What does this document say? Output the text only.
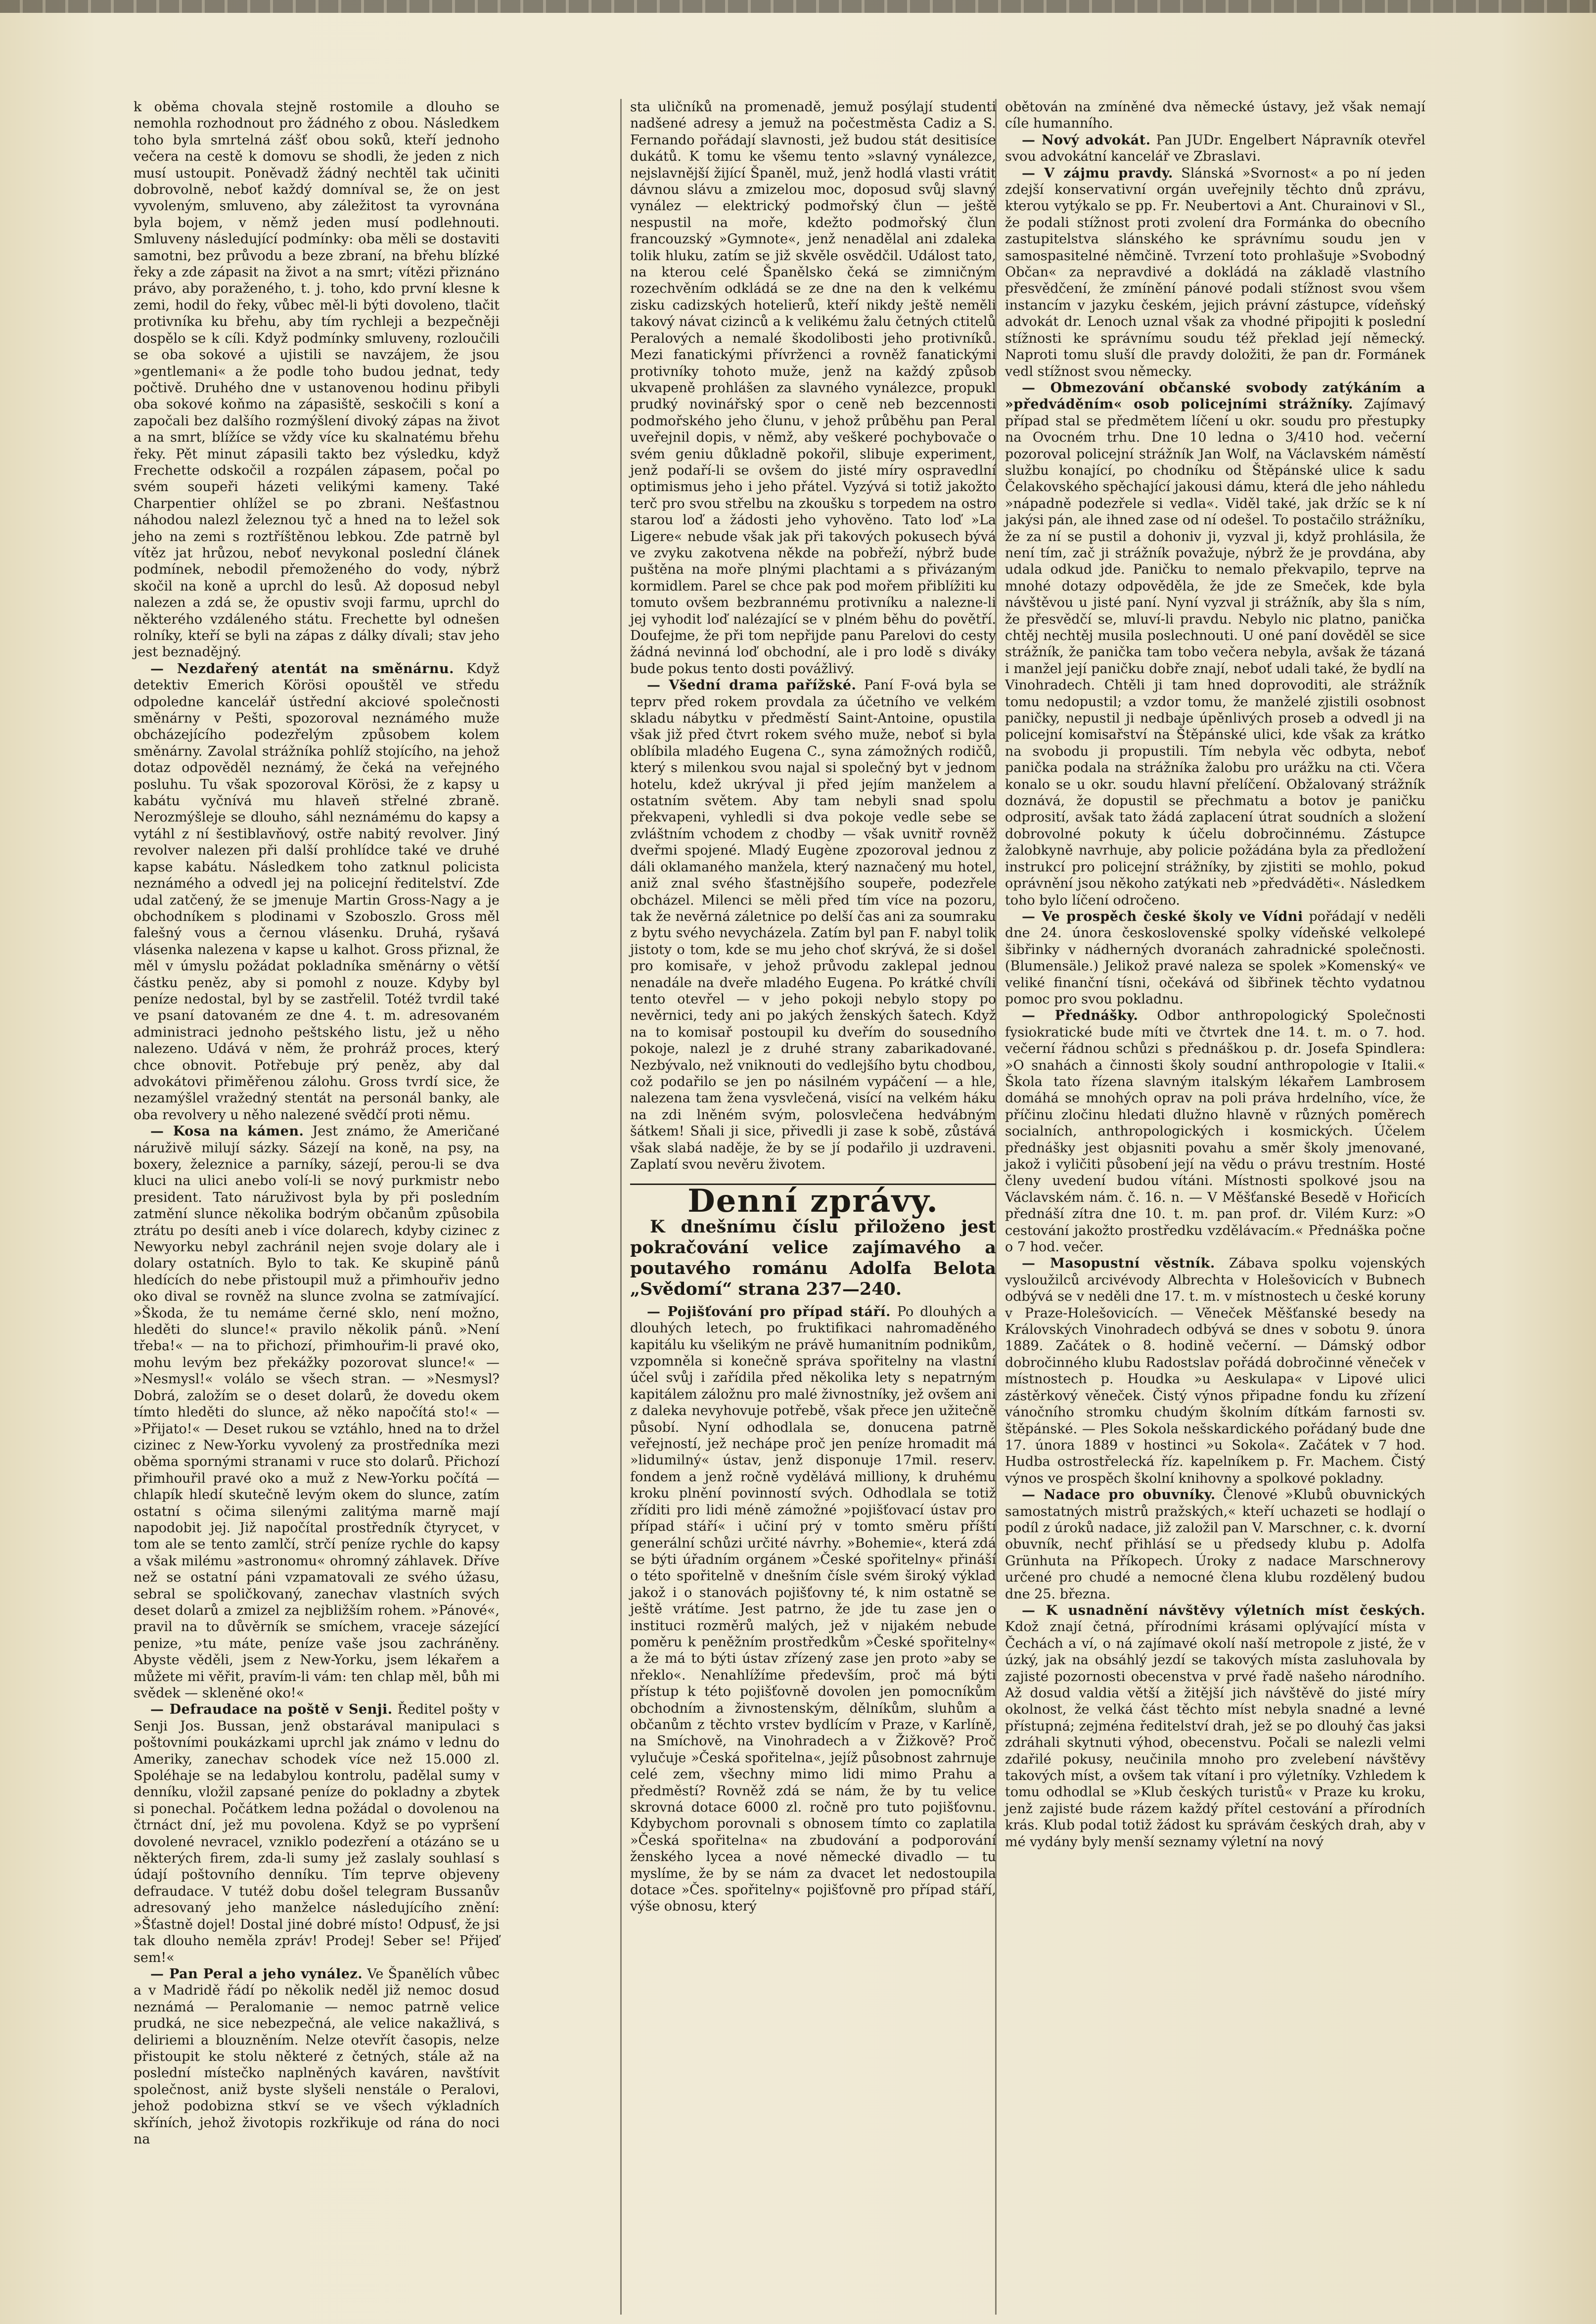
k oběma chovala stejně rostomile a dlouho se nemohla rozhodnout pro žádného z obou. Následkem toho byla smrtelná zášť obou soků, kteří jednoho večera na cestě k domovu se shodli, že jeden z nich musí ustoupit. Poněvadž žádný nechtěl tak učiniti dobrovolně, neboť každý domníval se, že on jest vyvoleným, smluveno, aby záležitost ta vyrovnána byla bojem, v němž jeden musí podlehnouti. Smluveny následující podmínky: oba měli se dostaviti samotni, bez průvodu a beze zbraní, na břehu blízké řeky a zde zápasit na život a na smrt; vítězi přiznáno právo, aby poraženého, t. j. toho, kdo první klesne k zemi, hodil do řeky, vůbec měl-li býti dovoleno, tlačit protivníka ku břehu, aby tím rychleji a bezpečněji dospělo se k cíli. Když podmínky smluveny, rozloučili se oba sokové a ujistili se navzájem, že jsou »gentlemani« a že podle toho budou jednat, tedy počtivě. Druhého dne v ustanovenou hodinu přibyli oba sokové koňmo na zápasiště, seskočili s koní a započali bez dalšího rozmýšlení divoký zápas na život a na smrt, blížíce se vždy více ku skalnatému břehu řeky. Pět minut zápasili takto bez výsledku, když Frechette odskočil a rozpálen zápasem, počal po svém soupeři házeti velikými kameny. Také Charpentier ohlížel se po zbrani. Nešťastnou náhodou nalezl železnou tyč a hned na to ležel sok jeho na zemi s roztříštěnou lebkou. Zde patrně byl vítěz jat hrůzou, neboť nevykonal poslední článek podmínek, nebodil přemoženého do vody, nýbrž skočil na koně a uprchl do lesů. Až doposud nebyl nalezen a zdá se, že opustiv svoji farmu, uprchl do některého vzdáleného státu. Frechette byl odnešen rolníky, kteří se byli na zápas z dálky dívali; stav jeho jest beznadějný.

— Nezdařený atentát na směnárnu. Když detektiv Emerich Körösi opouštěl ve středu odpoledne kancelář ústřední akciové společnosti směnárny v Pešti, spozoroval neznámého muže obcházejícího podezřelým způsobem kolem směnárny. Zavolal strážníka pohlíž stojícího, na jehož dotaz odpověděl neznámý, že čeká na veřejného posluhu. Tu však spozoroval Körösi, že z kapsy u kabátu vyčnívá mu hlaveň střelné zbraně. Nerozmýšleje se dlouho, sáhl neznámému do kapsy a vytáhl z ní šestiblavňový, ostře nabitý revolver. Jiný revolver nalezen při další prohlídce také ve druhé kapse kabátu. Následkem toho zatknul policista neznámého a odvedl jej na policejní ředitelství. Zde udal zatčený, že se jmenuje Martin Gross-Nagy a je obchodníkem s plodinami v Szoboszlo. Gross měl falešný vous a černou vlásenku. Druhá, ryšavá vlásenka nalezena v kapse u kalhot. Gross přiznal, že měl v úmyslu požádat pokladníka směnárny o větší částku peněz, aby si pomohl z nouze. Kdyby byl peníze nedostal, byl by se zastřelil. Totéž tvrdil také ve psaní datovaném ze dne 4. t. m. adresovaném administraci jednoho peštského listu, jež u něho nalezeno. Udává v něm, že prohráž proces, který chce obnovit. Potřebuje prý peněz, aby dal advokátovi přiměřenou zálohu. Gross tvrdí sice, že nezamýšlel vražedný stentát na personál banky, ale oba revolvery u něho nalezené svědčí proti němu.

— Kosa na kámen. Jest známo, že Američané náruživě milují sázky. Sázejí na koně, na psy, na boxery, železnice a parníky, sázejí, perou-li se dva kluci na ulici anebo volí-li se nový purkmistr nebo president. Tato náruživost byla by při posledním zatmění slunce několika bodrým občanům způsobila ztrátu po desíti aneb i více dolarech, kdyby cizinec z Newyorku nebyl zachránil nejen svoje dolary ale i dolary ostatních. Bylo to tak. Ke skupině pánů hledících do nebe přistoupil muž a přimhouřiv jedno oko dival se rovněž na slunce zvolna se zatmívající. »Škoda, že tu nemáme černé sklo, není možno, hleděti do slunce!« pravilo několik pánů. »Není třeba!« — na to přichozí, přimhouřim-li pravé oko, mohu levým bez překážky pozorovat slunce!« — »Nesmysl!« volálo se všech stran. — »Nesmysl? Dobrá, založím se o deset dolarů, že dovedu okem tímto hleděti do slunce, až něko napočítá sto!« — »Přijato!« — Deset rukou se vztáhlo, hned na to držel cizinec z New-Yorku vyvolený za prostředníka mezi oběma spornými stranami v ruce sto dolarů. Přichozí přimhouřil pravé oko a muž z New-Yorku počítá — chlapík hledí skutečně levým okem do slunce, zatím ostatní s očima silenými zalitýma marně mají napodobit jej. Již napočítal prostředník čtyrycet, v tom ale se tento zamlčí, strčí peníze rychle do kapsy a však milému »astronomu« ohromný záhlavek. Dříve než se ostatní páni vzpamatovali ze svého úžasu, sebral se spoličkovaný, zanechav vlastních svých deset dolarů a zmizel za nejbližším rohem. »Pánové«, pravil na to důvěrník se smíchem, vraceje sázející penize, »tu máte, peníze vaše jsou zachráněny. Abyste věděli, jsem z New-Yorku, jsem lékařem a můžete mi věřit, pravím-li vám: ten chlap měl, bůh mi svědek — skleněné oko!«

— Defraudace na poště v Senji. Ředitel pošty v Senji Jos. Bussan, jenž obstarával manipulaci s poštovními poukázkami uprchl jak známo v lednu do Ameriky, zanechav schodek více než 15.000 zl. Spoléhaje se na ledabylou kontrolu, padělal sumy v denníku, vložil zapsané peníze do pokladny a zbytek si ponechal. Počátkem ledna požádal o dovolenou na čtrnáct dní, jež mu povolena. Když se po vypršení dovolené nevracel, vzniklo podezření a otázáno se u některých firem, zda-li sumy jež zaslaly souhlasí s údají poštovního denníku. Tím teprve objeveny defraudace. V tutéž dobu došel telegram Bussanův adresovaný jeho manželce následujícího znění: »Šťastně dojel! Dostal jiné dobré místo! Odpusť, že jsi tak dlouho neměla zpráv! Prodej! Seber se! Přijeď sem!«

— Pan Peral a jeho vynález. Ve Španělích vůbec a v Madridě řádí po několik neděl již nemoc dosud neznámá — Peralomanie — nemoc patrně velice prudká, ne sice nebezpečná, ale velice nakažlivá, s deliriemi a blouzněním. Nelze otevřít časopis, nelze přistoupit ke stolu některé z četných, stále až na poslední místečko naplněných kaváren, navštívit společnost, aniž byste slyšeli nenstále o Peralovi, jehož podobizna stkví se ve všech výkladních skříních, jehož životopis rozkřikuje od rána do noci na

sta uličníků na promenadě, jemuž posýlají studenti nadšené adresy a jemuž na počestměsta Cadiz a S. Fernando pořádají slavnosti, jež budou stát desitisíce dukátů. K tomu ke všemu tento »slavný vynálezce, nejslavnější žijící Španěl, muž, jenž hodlá vlasti vrátit dávnou slávu a zmizelou moc, doposud svůj slavný vynález — elektrický podmořský člun — ještě nespustil na moře, kdežto podmořský člun francouzský »Gymnote«, jenž nenadělal ani zdaleka tolik hluku, zatím se již skvěle osvědčil. Událost tato, na kterou celé Španělsko čeká se zimničným rozechvěním odkládá se ze dne na den k velkému zisku cadizských hotelierů, kteří nikdy ještě neměli takový návat cizinců a k velikému žalu četných ctitelů Peralových a nemalé škodolibosti jeho protivníků. Mezi fanatickými přívrženci a rovněž fanatickými protivníky tohoto muže, jenž na každý způsob ukvapeně prohlášen za slavného vynálezce, propukl prudký novinářský spor o ceně neb bezcennosti podmořského jeho člunu, v jehož průběhu pan Peral uveřejnil dopis, v němž, aby veškeré pochybovače o svém geniu důkladně pokořil, slibuje experiment, jenž podaří-li se ovšem do jisté míry ospravedlní optimismus jeho i jeho přátel. Vyzývá si totiž jakožto terč pro svou střelbu na zkoušku s torpedem na ostro starou loď a žádosti jeho vyhověno. Tato loď »La Ligere« nebude však jak při takových pokusech bývá ve zvyku zakotvena někde na pobřeží, nýbrž bude puštěna na moře plnými plachtami a s přivázaným kormidlem. Parel se chce pak pod mořem přiblížiti ku tomuto ovšem bezbrannému protivníku a nalezne-li jej vyhodit loď nalézající se v plném běhu do povětří. Doufejme, že při tom nepřijde panu Parelovi do cesty žádná nevinná loď obchodní, ale i pro lodě s diváky bude pokus tento dosti povážlivý.

— Všední drama pařížské. Paní F-ová byla se teprv před rokem provdala za účetního ve velkém skladu nábytku v předměstí Saint-Antoine, opustila však již před čtvrt rokem svého muže, neboť si byla oblíbila mladého Eugena C., syna zámožných rodičů, který s milenkou svou najal si společný byt v jednom hotelu, kdež ukrýval ji před jejím manželem a ostatním světem. Aby tam nebyli snad spolu překvapeni, vyhledli si dva pokoje vedle sebe se zvláštním vchodem z chodby — však uvnitř rovněž dveřmi spojené. Mladý Eugène zpozoroval jednou z dáli oklamaného manžela, který naznačený mu hotel, aniž znal svého šťastnějšího soupeře, podezřele obcházel. Milenci se měli před tím více na pozoru, tak že nevěrná záletnice po delší čas ani za soumraku z bytu svého nevycházela. Zatím byl pan F. nabyl tolik jistoty o tom, kde se mu jeho choť skrývá, že si došel pro komisaře, v jehož průvodu zaklepal jednou nenadále na dveře mladého Eugena. Po krátké chvíli tento otevřel — v jeho pokoji nebylo stopy po nevěrnici, tedy ani po jakých ženských šatech. Když na to komisař postoupil ku dveřím do sousedního pokoje, nalezl je z druhé strany zabarikadované. Nezbývalo, než vniknouti do vedlejšího bytu chodbou, což podařilo se jen po násilném vypáčení — a hle, nalezena tam žena vysvlečená, visící na velkém háku na zdi lněném svým, polosvlečena hedvábným šátkem! Sňali ji sice, přivedli ji zase k sobě, zůstává však slabá naděje, že by se jí podařilo ji uzdraveni. Zaplatí svou nevěru životem.

Denní zprávy.

K dnešnímu číslu přiloženo jest pokračování velice zajímavého a poutavého románu Adolfa Belota „Svědomí“ strana 237—240.

— Pojišťování pro případ stáří. Po dlouhých a dlouhých letech, po fruktifikaci nahromaděného kapitálu ku všelikým ne právě humanitním podnikům, vzpomněla si konečně správa spořitelny na vlastní účel svůj i zařídila před několika lety s nepatrným kapitálem záložnu pro malé živnostníky, jež ovšem ani z daleka nevyhovuje potřebě, však přece jen užitečně působí. Nyní odhodlala se, donucena patrně veřejností, jež nechápe proč jen peníze hromadit má »lidumilný« ústav, jenž disponuje 17mil. reserv. fondem a jenž ročně vydělává milliony, k druhému kroku plnění povinností svých. Odhodlala se totiž zříditi pro lidi méně zámožné »pojišťovací ústav pro případ stáří« i učiní prý v tomto směru příští generální schůzi určité návrhy. »Bohemie«, která zdá se býti úřadním orgánem »České spořitelny« přináší o této spořitelně v dnešním čísle svém široký výklad jakož i o stanovách pojišťovny té, k nim ostatně se ještě vrátíme. Jest patrno, že jde tu zase jen o instituci rozměrů malých, jež v nijakém nebude poměru k peněžním prostředkům »České spořitelny« a že má to býti ústav zřízený zase jen proto »aby se nřeklo«. Nenahlížíme především, proč má býti přístup k této pojišťovně dovolen jen pomocníkům obchodním a živnostenským, dělníkům, sluhům a občanům z těchto vrstev bydlícím v Praze, v Karlíně, na Smíchově, na Vinohradech a v Žižkově? Proč vylučuje »Česká spořitelna«, jejíž působnost zahrnuje celé zem, všechny mimo lidi mimo Prahu a předměstí? Rovněž zdá se nám, že by tu velice skrovná dotace 6000 zl. ročně pro tuto pojišťovnu. Kdybychom porovnali s obnosem tímto co zaplatila »Česká spořitelna« na zbudování a podporování ženského lycea a nové německé divadlo — tu myslíme, že by se nám za dvacet let nedostoupila dotace »Čes. spořitelny« pojišťovně pro případ stáří, výše obnosu, který

obětován na zmíněné dva německé ústavy, jež však nemají cíle humanního.

— Nový advokát. Pan JUDr. Engelbert Nápravník otevřel svou advokátní kancelář ve Zbraslavi.

— V zájmu pravdy. Slánská »Svornost« a po ní jeden zdejší konservativní orgán uveřejnily těchto dnů zprávu, kterou vytýkalo se pp. Fr. Neubertovi a Ant. Churainovi v Sl., že podali stížnost proti zvolení dra Formánka do obecního zastupitelstva slánského ke správnímu soudu jen v samospasitelné němčině. Tvrzení toto prohlašuje »Svobodný Občan« za nepravdivé a dokládá na základě vlastního přesvědčení, že zmínění pánové podali stížnost svou všem instancím v jazyku českém, jejich právní zástupce, vídeňský advokát dr. Lenoch uznal však za vhodné připojiti k poslední stížnosti ke správnímu soudu též překlad její německý. Naproti tomu sluší dle pravdy doložiti, že pan dr. Formánek vedl stížnost svou německy.

— Obmezování občanské svobody zatýkáním a »předváděním« osob policejními strážníky. Zajímavý případ stal se předmětem líčení u okr. soudu pro přestupky na Ovocném trhu. Dne 10 ledna o 3/410 hod. večerní pozoroval policejní strážník Jan Wolf, na Václavském náměstí službu konající, po chodníku od Štěpánské ulice k sadu Čelakovského spěchající jakousi dámu, která dle jeho náhledu »nápadně podezřele si vedla«. Viděl také, jak držíc se k ní jakýsi pán, ale ihned zase od ní odešel. To postačilo strážníku, že za ní se pustil a dohoniv ji, vyzval ji, když prohlásila, že není tím, zač ji strážník považuje, nýbrž že je provdána, aby udala odkud jde. Paničku to nemalo překvapilo, teprve na mnohé dotazy odpověděla, že jde ze Smeček, kde byla návštěvou u jisté paní. Nyní vyzval ji strážník, aby šla s ním, že přesvědčí se, mluví-li pravdu. Nebylo nic platno, panička chtěj nechtěj musila poslechnouti. U oné paní dověděl se sice strážník, že panička tam tobo večera nebyla, avšak že tázaná i manžel její paničku dobře znají, neboť udali také, že bydlí na Vinohradech. Chtěli ji tam hned doprovoditi, ale strážník tomu nedopustil; a vzdor tomu, že manželé zjistili osobnost paničky, nepustil ji nedbaje úpěnlivých proseb a odvedl ji na policejní komisařství na Štěpánské ulici, kde však za krátko na svobodu ji propustili. Tím nebyla věc odbyta, neboť panička podala na strážníka žalobu pro urážku na cti. Včera konalo se u okr. soudu hlavní přelíčení. Obžalovaný strážník doznává, že dopustil se přechmatu a botov je paničku odprosití, avšak tato žádá zaplacení útrat soudních a složení dobrovolné pokuty k účelu dobročinnému. Zástupce žalobkyně navrhuje, aby policie požádána byla za předložení instrukcí pro policejní strážníky, by zjistiti se mohlo, pokud oprávnění jsou někoho zatýkati neb »předváděti«. Následkem toho bylo líčení odročeno.

— Ve prospěch české školy ve Vídni pořádají v neděli dne 24. února československé spolky vídeňské velkolepé šibřinky v nádherných dvoranách zahradnické společnosti. (Blumensäle.) Jelikož pravé naleza se spolek »Komenský« ve veliké finanční tísni, očekává od šibřinek těchto vydatnou pomoc pro svou pokladnu.

— Přednášky. Odbor anthropologický Společnosti fysiokratické bude míti ve čtvrtek dne 14. t. m. o 7. hod. večerní řádnou schůzi s přednáškou p. dr. Josefa Spindlera: »O snahách a činnosti školy soudní anthropologie v Italii.« Škola tato řízena slavným italským lékařem Lambrosem domáhá se mnohých oprav na poli práva hrdelního, více, že příčinu zločinu hledati dlužno hlavně v různých poměrech socialních, anthropologických i kosmických. Účelem přednášky jest objasniti povahu a směr školy jmenované, jakož i vyličiti působení její na vědu o právu trestním. Hosté členy uvedení budou vítáni. Místnosti spolkové jsou na Václavském nám. č. 16. n. — V Měšťanské Besedě v Hořicích přednáší zítra dne 10. t. m. pan prof. dr. Vilém Kurz: »O cestování jakožto prostředku vzdělávacím.« Přednáška počne o 7 hod. večer.

— Masopustní věstník. Zábava spolku vojenských vysloužilců arcivévody Albrechta v Holešovicích v Bubnech odbývá se v neděli dne 17. t. m. v místnostech u české koruny v Praze-Holešovicích. — Věneček Měšťanské besedy na Královských Vinohradech odbývá se dnes v sobotu 9. února 1889. Začátek o 8. hodině večerní. — Dámský odbor dobročinného klubu Radostslav pořádá dobročinné věneček v místnostech p. Houdka »u Aeskulapa« v Lipové ulici zástěrkový věneček. Čistý výnos připadne fondu ku zřízení vánočního stromku chudým školním dítkám farnosti sv. štěpánské. — Ples Sokola nešskardického pořádaný bude dne 17. února 1889 v hostinci »u Sokola«. Začátek v 7 hod. Hudba ostrostřelecká říz. kapelníkem p. Fr. Machem. Čistý výnos ve prospěch školní knihovny a spolkové pokladny.

— Nadace pro obuvníky. Členové »Klubů obuvnických samostatných mistrů pražských,« kteří uchazeti se hodlají o podíl z úroků nadace, již založil pan V. Marschner, c. k. dvorní obuvník, nechť přihlásí se u předsedy klubu p. Adolfa Grünhuta na Příkopech. Úroky z nadace Marschnerovy určené pro chudé a nemocné člena klubu rozdělený budou dne 25. března.

— K usnadnění návštěvy výletních míst českých. Kdož znají četná, přírodními krásami oplývající místa v Čechách a ví, o ná zajímavé okolí naší metropole z jisté, že v úzký, jak na obsáhlý jezdí se takových místa zasluhovala by zajisté pozornosti obecenstva v prvé řadě našeho národního. Až dosud valdia větší a žitější jich návštěvě do jisté míry okolnost, že velká část těchto míst nebyla snadné a levné přístupná; zejména ředitelství drah, jež se po dlouhý čas jaksi zdráhali skytnuti výhod, obecenstvu. Počali se nalezli velmi zdařilé pokusy, neučinila mnoho pro zvelebení návštěvy takových míst, a ovšem tak vítaní i pro výletníky. Vzhledem k tomu odhodlal se »Klub českých turistů« v Praze ku kroku, jenž zajisté bude rázem každý přítel cestování a přírodních krás. Klub podal totiž žádost ku správám českých drah, aby v mé vydány byly menší seznamy výletní na nový
